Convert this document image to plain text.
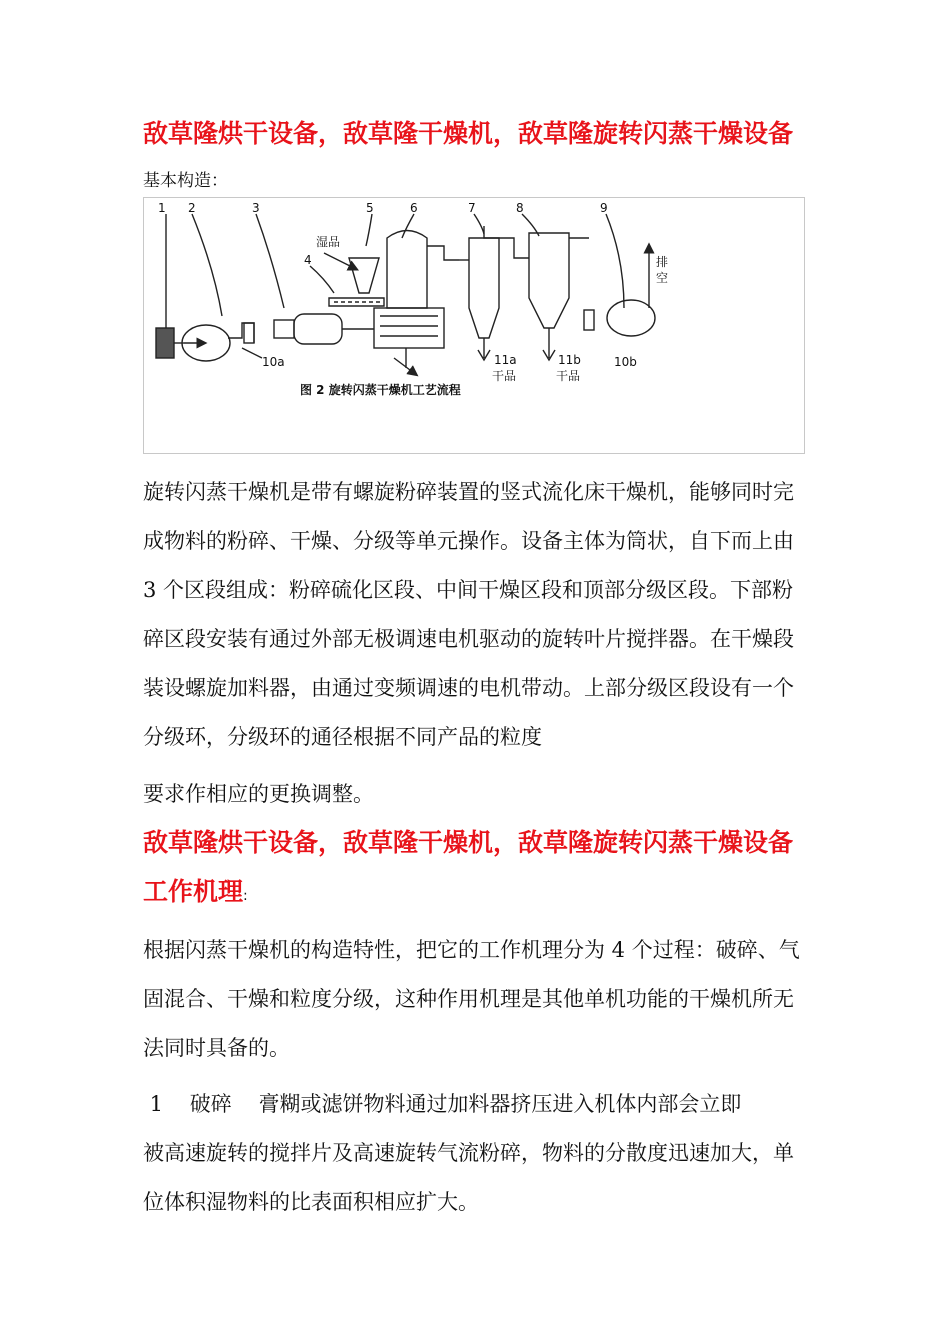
敌草隆烘干设备，敌草隆干燥机，敌草隆旋转闪蒸干燥设备
基本构造：
1 2	3
4
5	6	7	8	9
10a	10b
11a	11b
湿品
干品	干品
排
空
图 2 旋转闪蒸干燥机工艺流程

旋转闪蒸干燥机是带有螺旋粉碎装置的竖式流化床干燥机，能够同时完成物料的粉碎、干燥、分级等单元操作。设备主体为筒状，自下而上由 3 个区段组成：粉碎硫化区段、中间干燥区段和顶部分级区段。下部粉碎区段安装有通过外部无极调速电机驱动的旋转叶片搅拌器。在干燥段装设螺旋加料器，由通过变频调速的电机带动。上部分级区段设有一个分级环，分级环的通径根据不同产品的粒度

要求作相应的更换调整。

敌草隆烘干设备，敌草隆干燥机，敌草隆旋转闪蒸干燥设备
工作机理:

根据闪蒸干燥机的构造特性，把它的工作机理分为 4 个过程：破碎、气固混合、干燥和粒度分级，这种作用机理是其他单机功能的干燥机所无法同时具备的。

1    破碎    膏糊或滤饼物料通过加料器挤压进入机体内部会立即

被高速旋转的搅拌片及高速旋转气流粉碎，物料的分散度迅速加大，单位体积湿物料的比表面积相应扩大。
